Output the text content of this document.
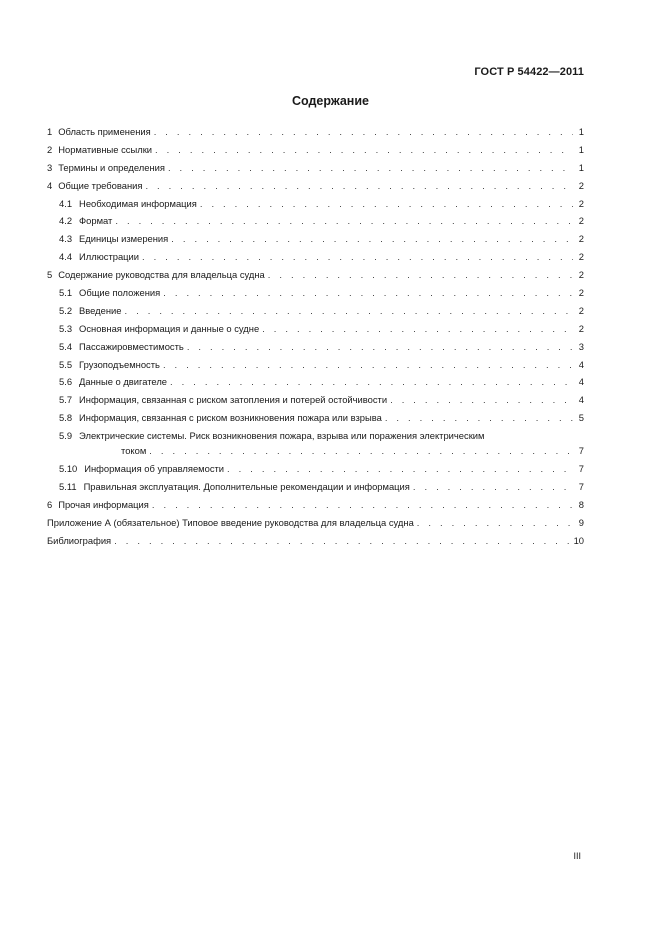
ГОСТ Р 54422—2011
Содержание
1 Область применения . . .	1
2 Нормативные ссылки . . .	1
3 Термины и определения . . .	1
4 Общие требования . . .	2
4.1 Необходимая информация . . .	2
4.2 Формат . . .	2
4.3 Единицы измерения . . .	2
4.4 Иллюстрации . . .	2
5 Содержание руководства для владельца судна . . .	2
5.1 Общие положения . . .	2
5.2 Введение . . .	2
5.3 Основная информация и данные о судне . . .	2
5.4 Пассажировместимость . . .	3
5.5 Грузоподъемность . . .	4
5.6 Данные о двигателе . . .	4
5.7 Информация, связанная с риском затопления и потерей остойчивости . . .	4
5.8 Информация, связанная с риском возникновения пожара или взрыва . . .	5
5.9 Электрические системы. Риск возникновения пожара, взрыва или поражения электрическим
током . . .	7
5.10 Информация об управляемости . . .	7
5.11 Правильная эксплуатация. Дополнительные рекомендации и информация . . .	7
6 Прочая информация . . .	8
Приложение А (обязательное) Типовое введение руководства для владельца судна . . .	9
Библиография . . .	10
III
